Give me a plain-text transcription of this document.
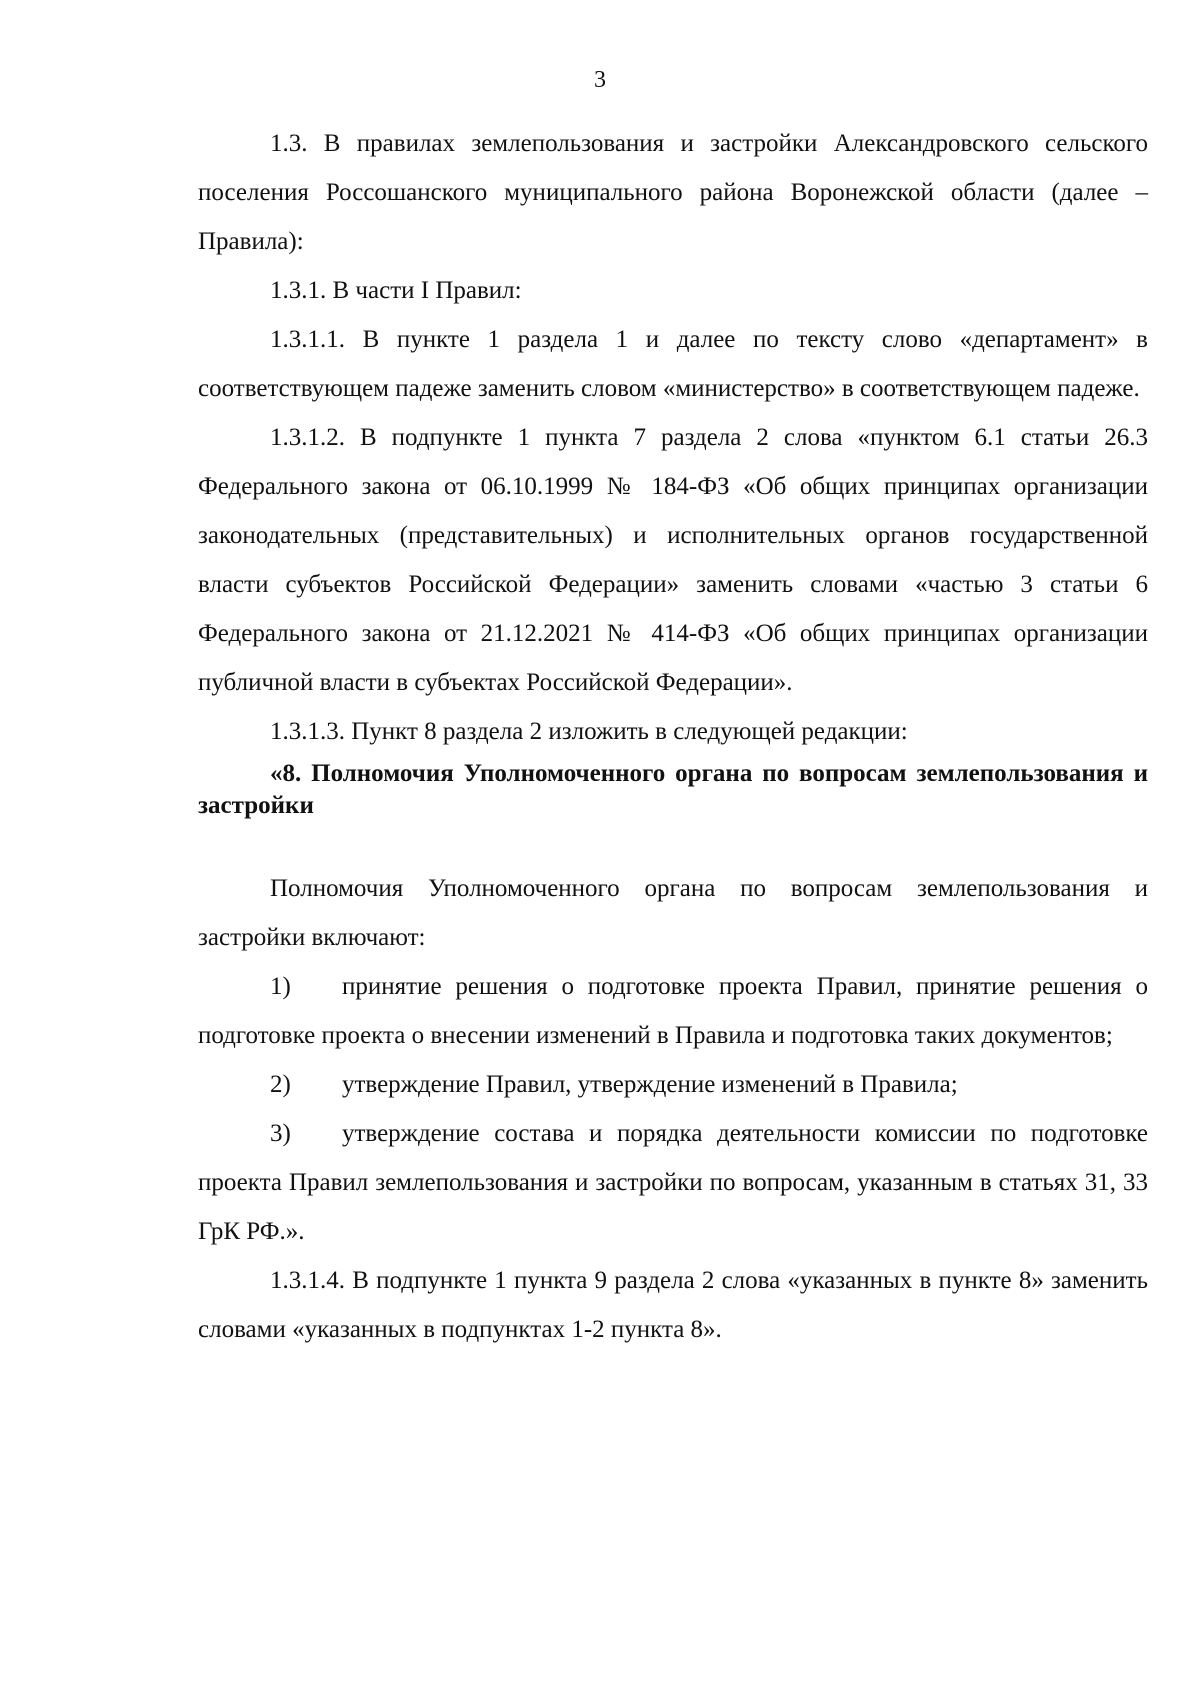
3

1.3. В правилах землепользования и застройки Александровского сельского поселения Россошанского муниципального района Воронежской области (далее – Правила):

1.3.1. В части I Правил:

1.3.1.1. В пункте 1 раздела 1 и далее по тексту слово «департамент» в соответствующем падеже заменить словом «министерство» в соответствующем падеже.

1.3.1.2. В подпункте 1 пункта 7 раздела 2 слова «пунктом 6.1 статьи 26.3 Федерального закона от 06.10.1999 № 184-ФЗ «Об общих принципах организации законодательных (представительных) и исполнительных органов государственной власти субъектов Российской Федерации» заменить словами «частью 3 статьи 6 Федерального закона от 21.12.2021 № 414-ФЗ «Об общих принципах организации публичной власти в субъектах Российской Федерации».

1.3.1.3. Пункт 8 раздела 2 изложить в следующей редакции:

«8. Полномочия Уполномоченного органа по вопросам землепользования и застройки

Полномочия Уполномоченного органа по вопросам землепользования и застройки включают:

1) принятие решения о подготовке проекта Правил, принятие решения о подготовке проекта о внесении изменений в Правила и подготовка таких документов;

2) утверждение Правил, утверждение изменений в Правила;

3) утверждение состава и порядка деятельности комиссии по подготовке проекта Правил землепользования и застройки по вопросам, указанным в статьях 31, 33 ГрК РФ.».

1.3.1.4. В подпункте 1 пункта 9 раздела 2 слова «указанных в пункте 8» заменить словами «указанных в подпунктах 1-2 пункта 8».
